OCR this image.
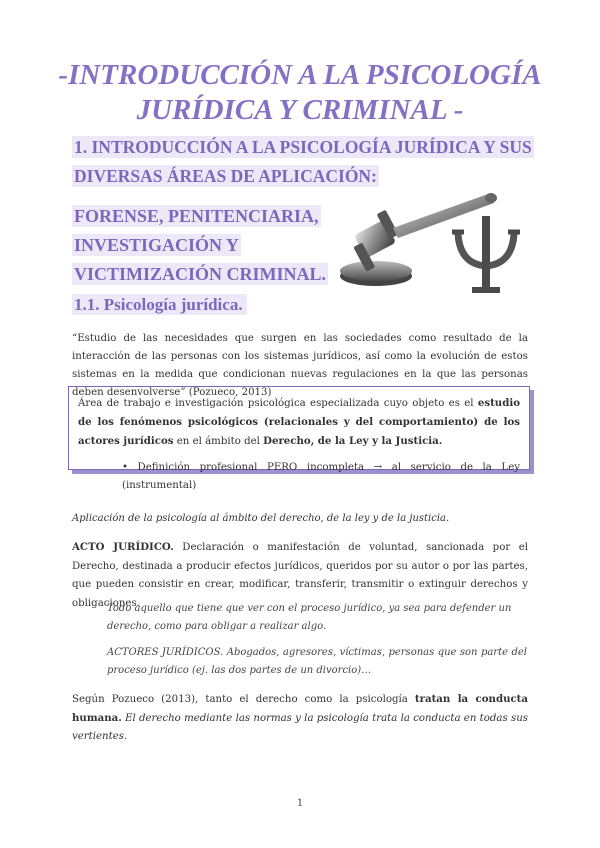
-INTRODUCCIÓN A LA PSICOLOGÍA
JURÍDICA Y CRIMINAL -
1. INTRODUCCIÓN A LA PSICOLOGÍA JURÍDICA Y SUS
DIVERSAS ÁREAS DE APLICACIÓN:
FORENSE, PENITENCIARIA,
INVESTIGACIÓN Y
VICTIMIZACIÓN CRIMINAL.
1.1. Psicología jurídica.

“Estudio de las necesidades que surgen en las sociedades como resultado de la interacción de las personas con los sistemas jurídicos, así como la evolución de estos sistemas en la medida que condicionan nuevas regulaciones en la que las personas deben desenvolverse” (Pozueco, 2013)

Área de trabajo e investigación psicológica especializada cuyo objeto es el estudio de los fenómenos psicológicos (relacionales y del comportamiento) de los actores jurídicos en el ámbito del Derecho, de la Ley y la Justicia.

• Definición profesional PERO incompleta → al servicio de la Ley (instrumental)

Aplicación de la psicología al ámbito del derecho, de la ley y de la justicia.

ACTO JURÍDICO. Declaración o manifestación de voluntad, sancionada por el Derecho, destinada a producir efectos jurídicos, queridos por su autor o por las partes, que pueden consistir en crear, modificar, transferir, transmitir o extinguir derechos y obligaciones.

Todo aquello que tiene que ver con el proceso jurídico, ya sea para defender un derecho, como para obligar a realizar algo.

ACTORES JURÍDICOS. Abogados, agresores, víctimas, personas que son parte del proceso jurídico (ej. las dos partes de un divorcio)…

Según Pozueco (2013), tanto el derecho como la psicología tratan la conducta humana. El derecho mediante las normas y la psicología trata la conducta en todas sus vertientes.

1
